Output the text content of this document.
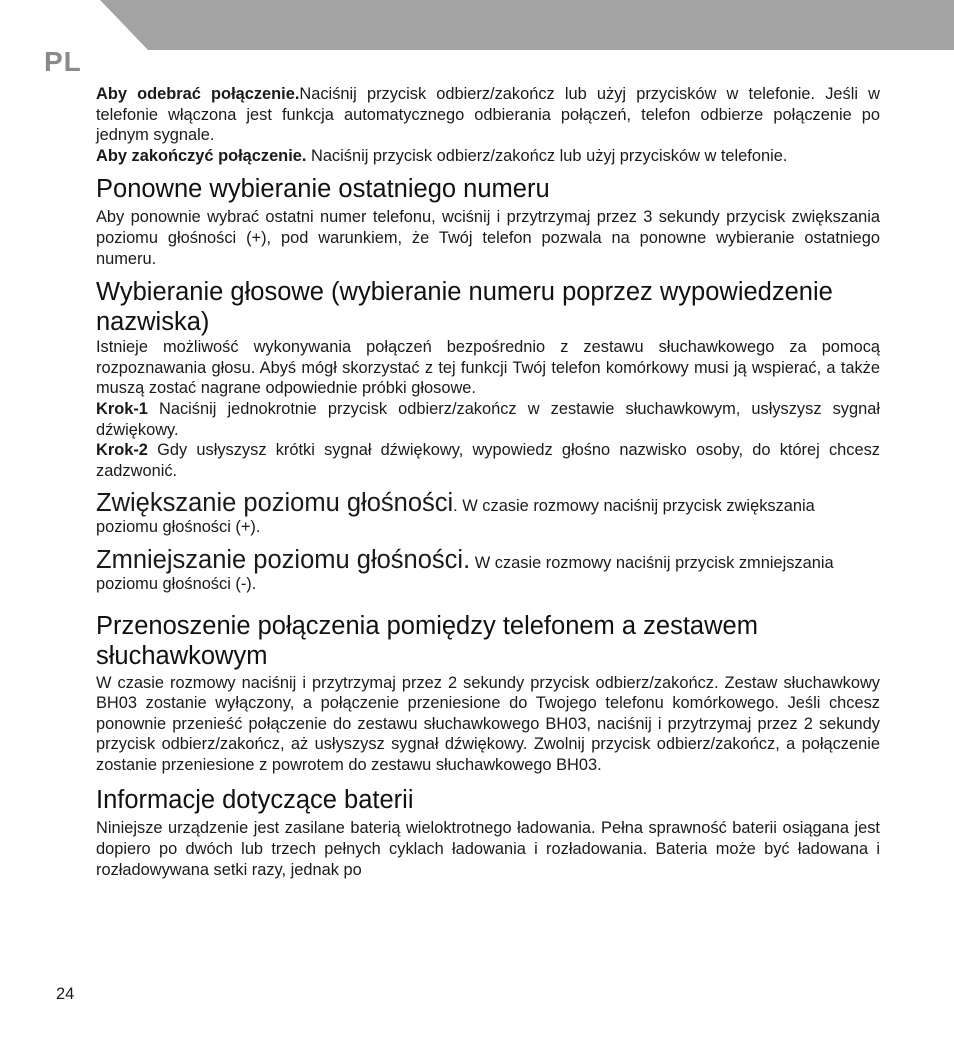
PL

Aby odebrać połączenie.Naciśnij przycisk odbierz/zakończ lub użyj przycisków w telefonie. Jeśli w telefonie włączona jest funkcja automatycznego odbierania połączeń, telefon odbierze połączenie po jednym sygnale.

Aby zakończyć połączenie. Naciśnij przycisk odbierz/zakończ lub użyj przycisków w telefonie.

Ponowne wybieranie ostatniego numeru

Aby ponownie wybrać ostatni numer telefonu, wciśnij i przytrzymaj przez 3 sekundy przycisk zwiększania poziomu głośności (+), pod warunkiem, że Twój telefon pozwala na ponowne wybieranie ostatniego numeru.

Wybieranie głosowe (wybieranie numeru poprzez wypowiedzenie nazwiska)

Istnieje możliwość wykonywania połączeń bezpośrednio z zestawu słuchawkowego za pomocą rozpoznawania głosu. Abyś mógł skorzystać z tej funkcji Twój telefon komórkowy musi ją wspierać, a także muszą zostać nagrane odpowiednie próbki głosowe.

Krok-1 Naciśnij jednokrotnie przycisk odbierz/zakończ w zestawie słuchawkowym, usłyszysz sygnał dźwiękowy.

Krok-2 Gdy usłyszysz krótki sygnał dźwiękowy, wypowiedz głośno nazwisko osoby, do której chcesz zadzwonić.

Zwiększanie poziomu głośności. W czasie rozmowy naciśnij przycisk zwiększania poziomu głośności (+).

Zmniejszanie poziomu głośności. W czasie rozmowy naciśnij przycisk zmniejszania poziomu głośności (-).

Przenoszenie połączenia pomiędzy telefonem a zestawem słuchawkowym

W czasie rozmowy naciśnij i przytrzymaj przez 2 sekundy przycisk odbierz/zakończ. Zestaw słuchawkowy BH03 zostanie wyłączony, a połączenie przeniesione do Twojego telefonu komórkowego. Jeśli chcesz ponownie przenieść połączenie do zestawu słuchawkowego BH03, naciśnij i przytrzymaj przez 2 sekundy przycisk odbierz/zakończ, aż usłyszysz sygnał dźwiękowy. Zwolnij przycisk odbierz/zakończ, a połączenie zostanie przeniesione z powrotem do zestawu słuchawkowego BH03.

Informacje dotyczące baterii

Niniejsze urządzenie jest zasilane baterią wieloktrotnego ładowania. Pełna sprawność baterii osiągana jest dopiero po dwóch lub trzech pełnych cyklach ładowania i rozładowania. Bateria może być ładowana i rozładowywana setki razy, jednak po

24
